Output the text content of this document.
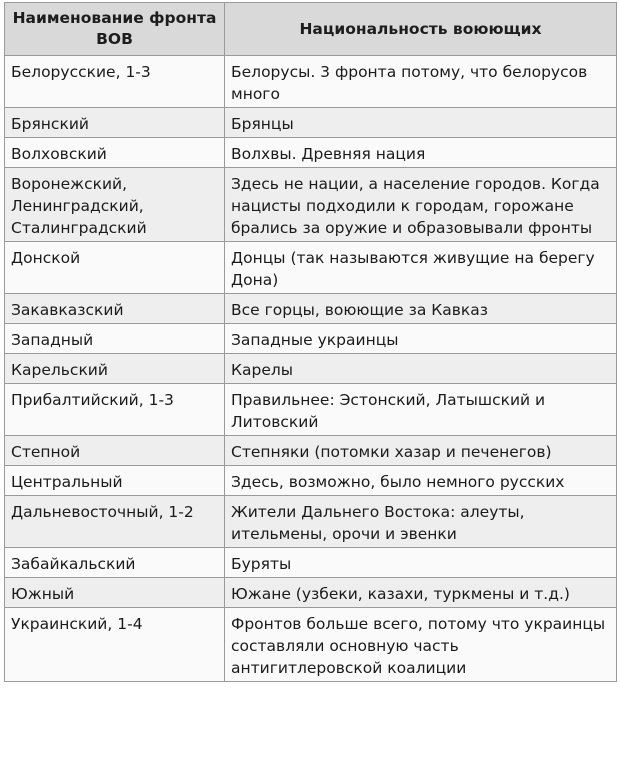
Наименование фронта ВОВ	Национальность воюющих
Белорусские, 1-3	Белорусы. 3 фронта потому, что белорусов много
Брянский	Брянцы
Волховский	Волхвы. Древняя нация
Воронежский, Ленинградский, Сталинградский	Здесь не нации, а население городов. Когда нацисты подходили к городам, горожане брались за оружие и образовывали фронты
Донской	Донцы (так называются живущие на берегу Дона)
Закавказский	Все горцы, воюющие за Кавказ
Западный	Западные украинцы
Карельский	Карелы
Прибалтийский, 1-3	Правильнее: Эстонский, Латышский и Литовский
Степной	Степняки (потомки хазар и печенегов)
Центральный	Здесь, возможно, было немного русских
Дальневосточный, 1-2	Жители Дальнего Востока: алеуты, ительмены, орочи и эвенки
Забайкальский	Буряты
Южный	Южане (узбеки, казахи, туркмены и т.д.)
Украинский, 1-4	Фронтов больше всего, потому что украинцы составляли основную часть антигитлеровской коалиции
